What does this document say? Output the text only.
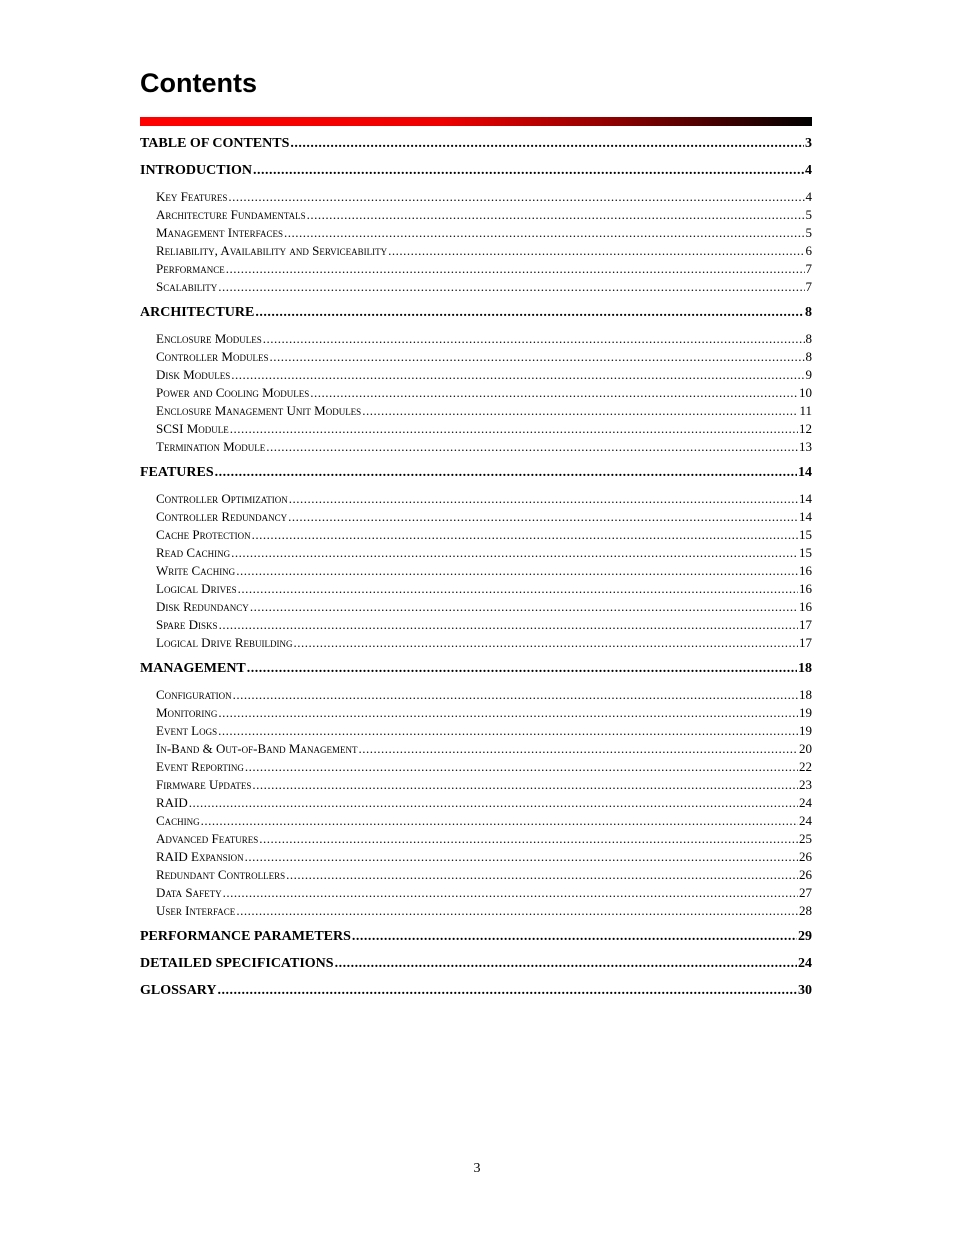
Contents
TABLE OF CONTENTS .....	3
INTRODUCTION .....	4
Key Features .....	4
Architecture Fundamentals .....	5
Management Interfaces .....	5
Reliability, Availability and Serviceability .....	6
Performance .....	7
Scalability .....	7
ARCHITECTURE .....	8
Enclosure Modules .....	8
Controller Modules .....	8
Disk Modules .....	9
Power and Cooling Modules .....	10
Enclosure Management Unit Modules .....	11
SCSI Module .....	12
Termination Module .....	13
FEATURES .....	14
Controller Optimization .....	14
Controller Redundancy .....	14
Cache Protection .....	15
Read Caching .....	15
Write Caching .....	16
Logical Drives .....	16
Disk Redundancy .....	16
Spare Disks .....	17
Logical Drive Rebuilding .....	17
MANAGEMENT .....	18
Configuration .....	18
Monitoring .....	19
Event Logs .....	19
In-Band & Out-of-Band Management .....	20
Event Reporting .....	22
Firmware Updates .....	23
RAID .....	24
Caching .....	24
Advanced Features .....	25
RAID Expansion .....	26
Redundant Controllers .....	26
Data Safety .....	27
User Interface .....	28
PERFORMANCE PARAMETERS .....	29
DETAILED SPECIFICATIONS .....	24
GLOSSARY .....	30
3
